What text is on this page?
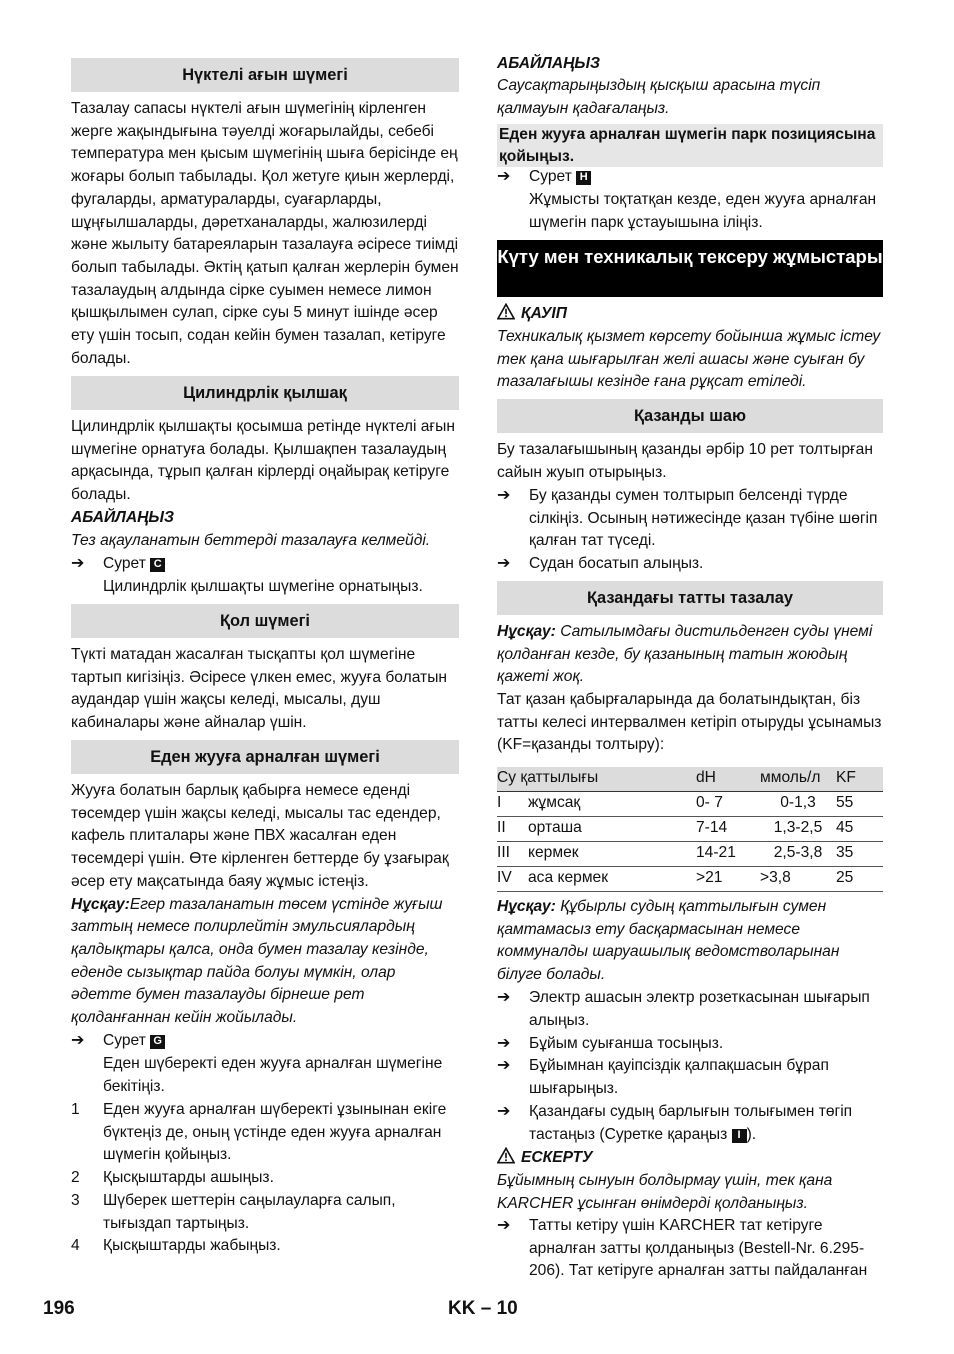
Нүктелі ағын шүмегі
Тазалау сапасы нүктелі ағын шүмегінің кірленген жерге жақындығына тәуелді жоғарылайды, себебі температура мен қысым шүмегінің шыға берісінде ең жоғары болып табылады. Қол жетуге қиын жерлерді, фугаларды, арматураларды, суағарларды, шұңғылшаларды, дәретханаларды, жалюзилерді және жылыту батареяларын тазалауға әсіресе тиімді болып табылады. Әктің қатып қалған жерлерін бумен тазалаудың алдында сірке суымен немесе лимон қышқылымен сулап, сірке суы 5 минут ішінде әсер ету үшін тосып, содан кейін бумен тазалап, кетіруге болады.
Цилиндрлік қылшақ
Цилиндрлік қылшақты қосымша ретінде нүктелі ағын шүмегіне орнатуға болады. Қылшақпен тазалаудың арқасында, тұрып қалған кірлерді оңайырақ кетіруге болады.
АБАЙЛАҢЫЗ
Тез ақауланатын беттерді тазалауға келмейді.
➔	Сурет C
Цилиндрлік қылшақты шүмегіне орнатыңыз.
Қол шүмегі
Түкті матадан жасалған тысқапты қол шүмегіне тартып кигізіңіз. Әсіресе үлкен емес, жууға болатын аудандар үшін жақсы келеді, мысалы, душ кабиналары және айналар үшін.
Еден жууға арналған шүмегі
Жууға болатын барлық қабырға немесе еденді төсемдер үшін жақсы келеді, мысалы тас едендер, кафель плиталары және ПВХ жасалған еден төсемдері үшін. Өте кірленген беттерде бу ұзағырақ әсер ету мақсатында баяу жұмыс істеңіз.
Нұсқау:Егер тазаланатын төсем үстінде жуғыш заттың немесе полирлейтін эмульсиялардың қалдықтары қалса, онда бумен тазалау кезінде, еденде сызықтар пайда болуы мүмкін, олар әдетте бумен тазалауды бірнеше рет қолданғаннан кейін жойылады.
➔	Сурет G
Еден шүберекті еден жууға арналған шүмегіне бекітіңіз.
1	Еден жууға арналған шүберекті ұзынынан екіге бүктеңіз де, оның үстінде еден жууға арналған шүмегін қойыңыз.
2	Қысқыштарды ашыңыз.
3	Шүберек шеттерін саңылауларға салып, тығыздап тартыңыз.
4	Қысқыштарды жабыңыз.
АБАЙЛАҢЫЗ
Саусақтарыңыздың қысқыш арасына түсіп қалмауын қадағалаңыз.
Еден жууға арналған шүмегін парк позициясына қойыңыз.
➔	Сурет H
Жұмысты тоқтатқан кезде, еден жууға арналған шүмегін парк ұстауышына іліңіз.
Күту мен техникалық тексеру жұмыстары
ҚАУІП
Техникалық қызмет көрсету бойынша жұмыс істеу тек қана шығарылған желі ашасы және суыған бу тазалағышы кезінде ғана рұқсат етіледі.
Қазанды шаю
Бу тазалағышының қазанды әрбір 10 рет толтырған сайын жуып отырыңыз.
➔	Бу қазанды сумен толтырып белсенді түрде сілкіңіз. Осының нәтижесінде қазан түбіне шөгіп қалған тат түседі.
➔	Судан босатып алыңыз.
Қазандағы татты тазалау
Нұсқау: Сатылымдағы дистильденген суды үнемі қолданған кезде, бу қазанының татын жоюдың қажеті жоқ.
Тат қазан қабырғаларында да болатындықтан, біз татты келесі интервалмен кетіріп отыруды ұсынамыз (KF=қазанды толтыру):
Су қаттылығы		dH	ммоль/л	KF
I	жұмсақ	0- 7	0-1,3	55
II	орташа	7-14	1,3-2,5	45
III	кермек	14-21	2,5-3,8	35
IV	аса кермек	>21	>3,8	25
Нұсқау: Құбырлы судың қаттылығын сумен қамтамасыз ету басқармасынан немесе коммуналды шаруашылық ведомстволарынан білуге болады.
➔	Электр ашасын электр розеткасынан шығарып алыңыз.
➔	Бұйым суығанша тосыңыз.
➔	Бұйымнан қауіпсіздік қалпақшасын бұрап шығарыңыз.
➔	Қазандағы судың барлығын толығымен төгіп тастаңыз (Суретке қараңыз I ).
ЕСКЕРТУ
Бұйымның сынуын болдырмау үшін, тек қана KARCHER ұсынған өнімдерді қолданыңыз.
➔	Татты кетіру үшін KARCHER тат кетіруге арналған затты қолданыңыз (Bestell-Nr. 6.295-206). Тат кетіруге арналған затты пайдаланған
196	KK – 10
